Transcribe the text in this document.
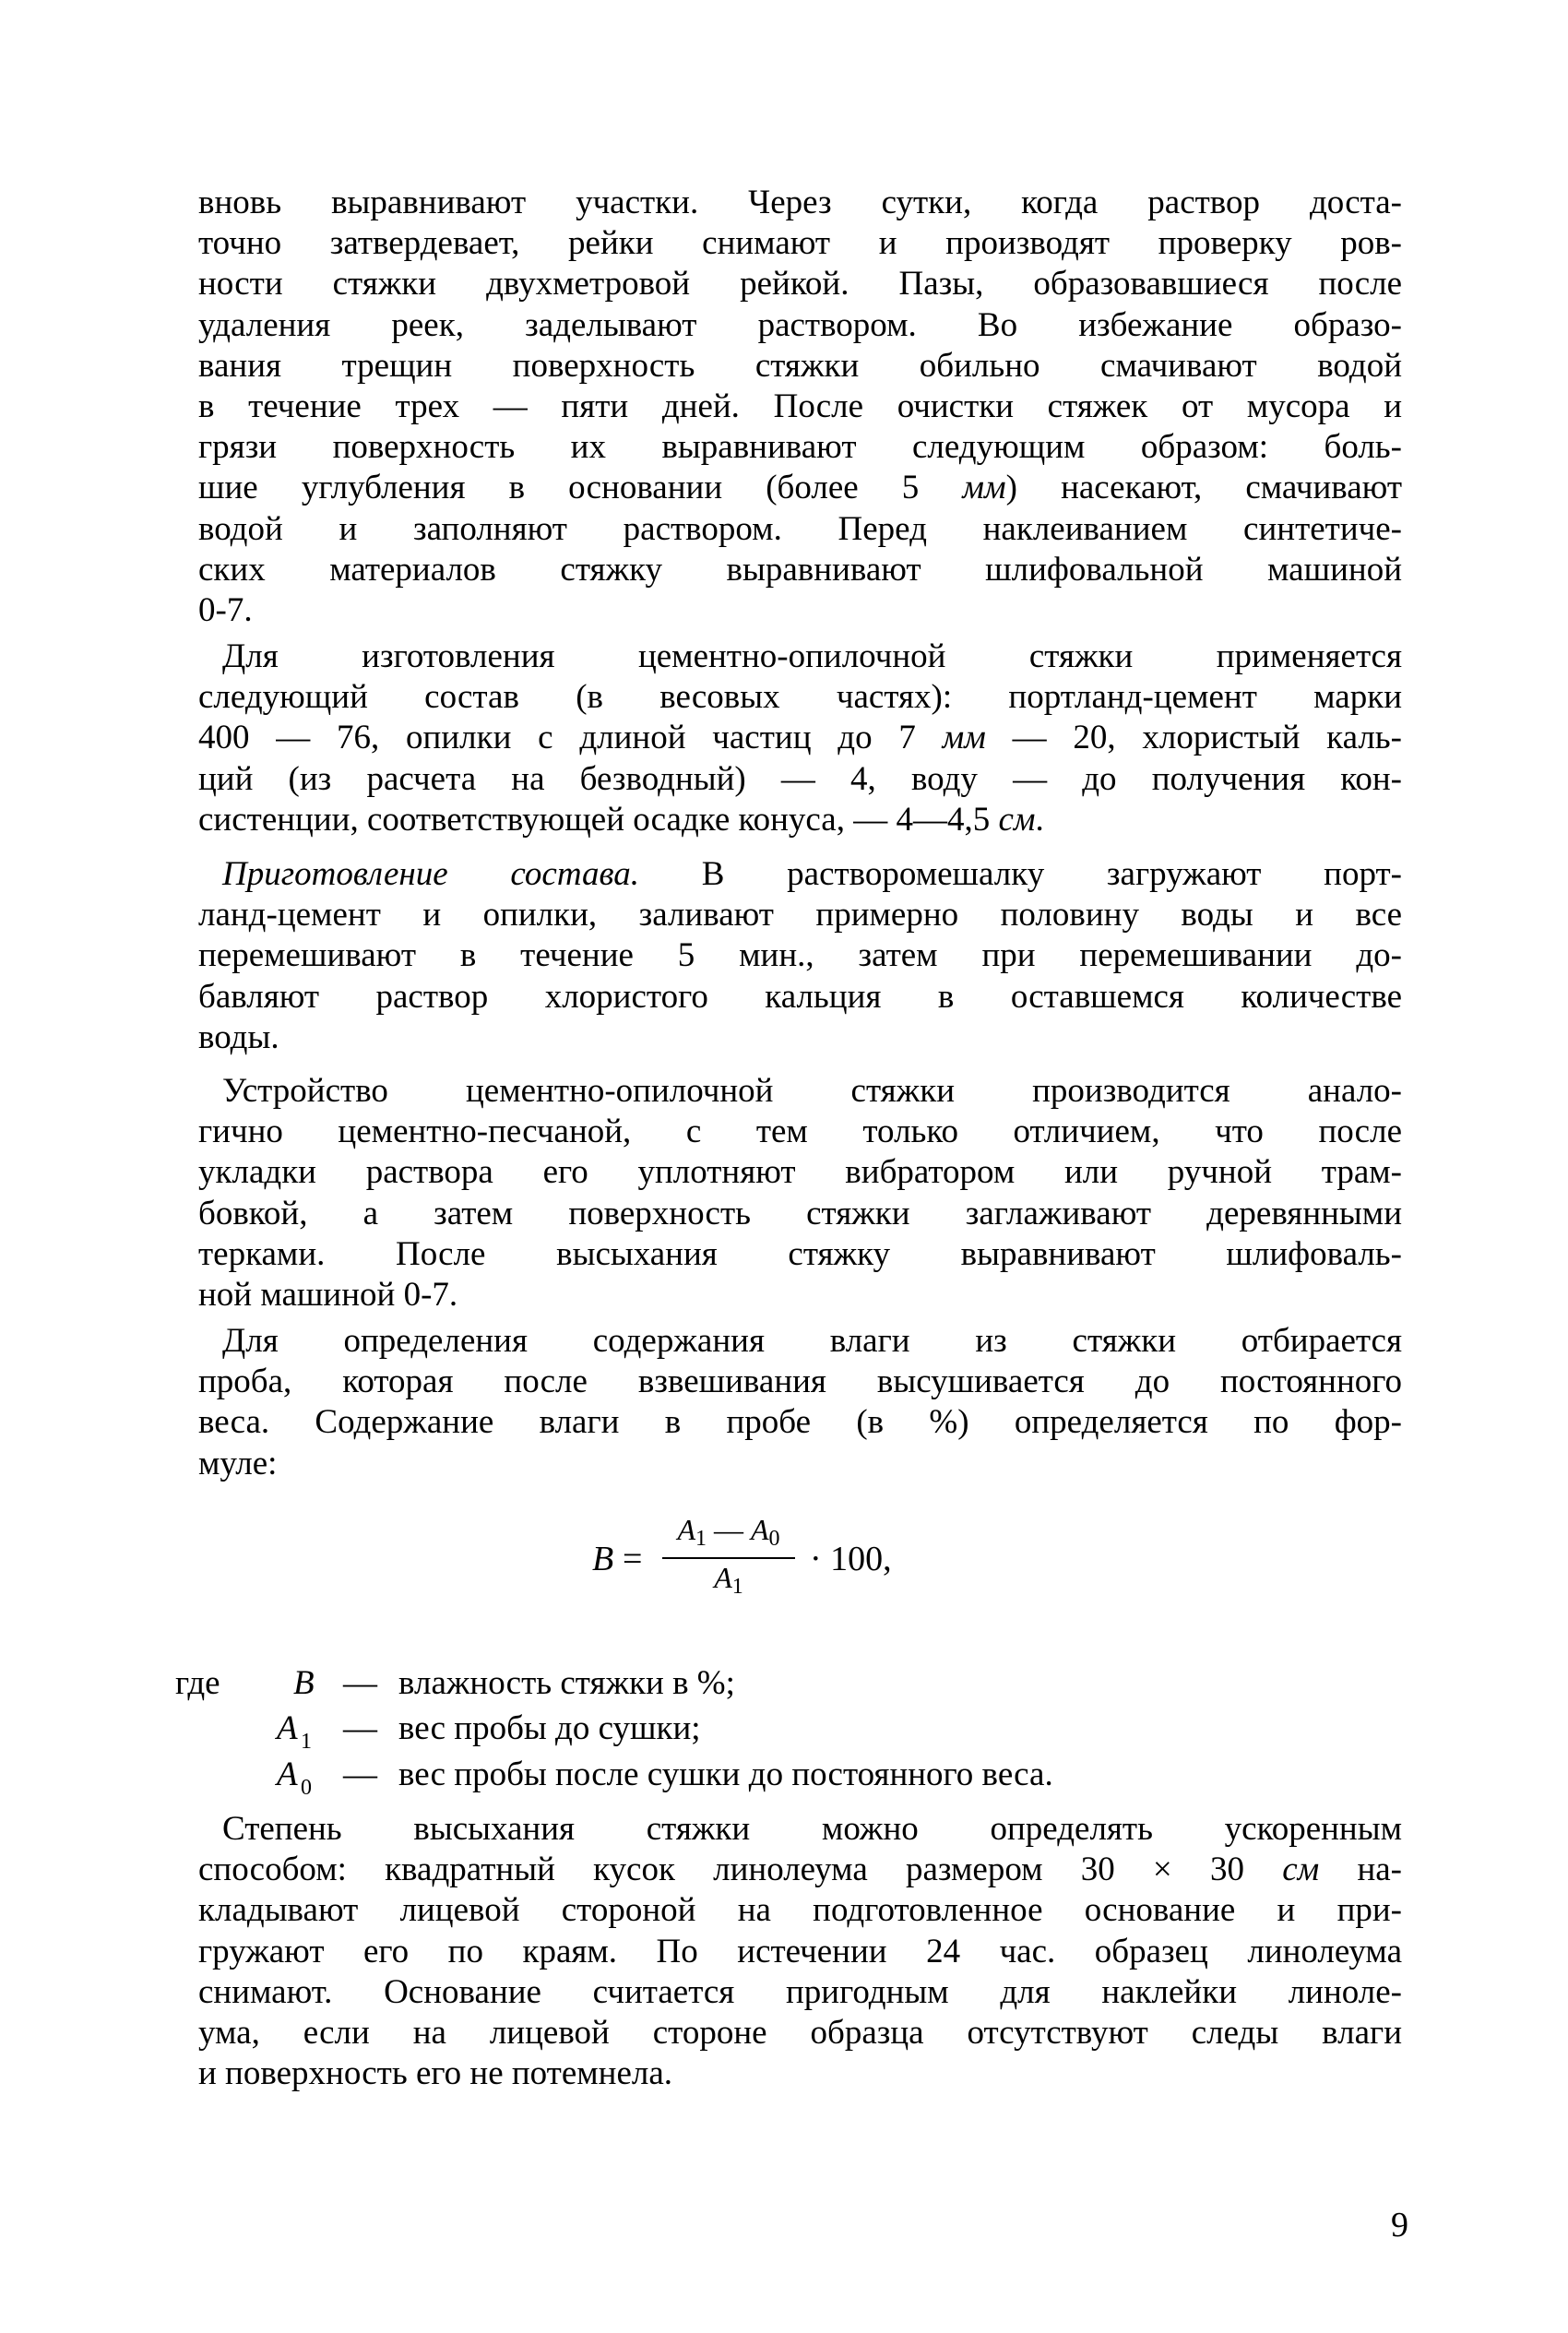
вновь выравнивают участки. Через сутки, когда раствор доста-
точно затвердевает, рейки снимают и производят проверку ров-
ности стяжки двухметровой рейкой. Пазы, образовавшиеся после
удаления реек, заделывают раствором. Во избежание образо-
вания трещин поверхность стяжки обильно смачивают водой
в течение трех — пяти дней. После очистки стяжек от мусора и
грязи поверхность их выравнивают следующим образом: боль-
шие углубления в основании (более 5 мм) насекают, смачивают
водой и заполняют раствором. Перед наклеиванием синтетиче-
ских материалов стяжку выравнивают шлифовальной машиной
0-7.
Для изготовления цементно-опилочной стяжки применяется
следующий состав (в весовых частях): портланд-цемент марки
400 — 76, опилки с длиной частиц до 7 мм — 20, хлористый каль-
ций (из расчета на безводный) — 4, воду — до получения кон-
систенции, соответствующей осадке конуса, — 4—4,5 см.
Приготовление состава. В растворомешалку загружают порт-
ланд-цемент и опилки, заливают примерно половину воды и все
перемешивают в течение 5 мин., затем при перемешивании до-
бавляют раствор хлористого кальция в оставшемся количестве
воды.
Устройство цементно-опилочной стяжки производится анало-
гично цементно-песчаной, с тем только отличием, что после
укладки раствора его уплотняют вибратором или ручной трам-
бовкой, а затем поверхность стяжки заглаживают деревянными
терками. После высыхания стяжку выравнивают шлифоваль-
ной машиной 0-7.
Для определения содержания влаги из стяжки отбирается
проба, которая после взвешивания высушивается до постоянного
веса. Содержание влаги в пробе (в %) определяется по фор-
муле:
Степень высыхания стяжки можно определять ускоренным
способом: квадратный кусок линолеума размером 30 × 30 см на-
кладывают лицевой стороной на подготовленное основание и при-
гружают его по краям. По истечении 24 час. образец линолеума
снимают. Основание считается пригодным для наклейки линоле-
ума, если на лицевой стороне образца отсутствуют следы влаги
и поверхность его не потемнела.
B =
$A_1$ — $A_0$
$A_1$
· 100,
где B — влажность стяжки в %;
A 1 — вес пробы до сушки;
A 0 — вес пробы после сушки до постоянного веса.
9
